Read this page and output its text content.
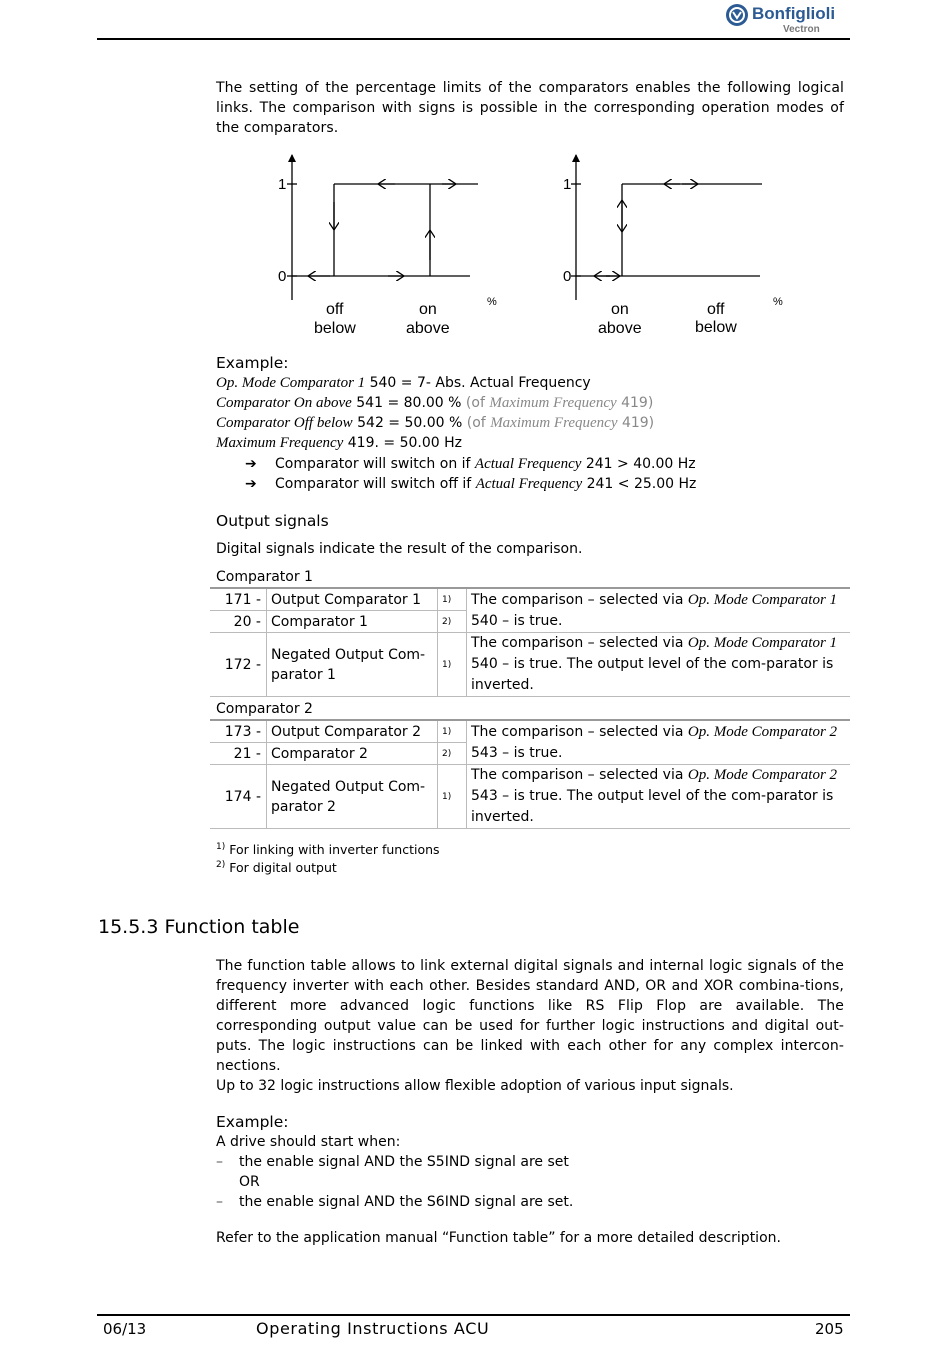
Bonfiglioli
Vectron
The setting of the percentage limits of the comparators enables the following logical links. The comparison with signs is possible in the corresponding operation modes of the comparators.
1
0
off
below
on
above
%
1
0
on
above
off
below
%
Example:
Op. Mode Comparator 1 540 = 7- Abs. Actual Frequency
Comparator On above 541 = 80.00 % (of Maximum Frequency 419)
Comparator Off below 542 = 50.00 % (of Maximum Frequency 419)
Maximum Frequency 419. = 50.00 Hz
➔ Comparator will switch on if Actual Frequency 241 > 40.00 Hz
➔ Comparator will switch off if Actual Frequency 241 < 25.00 Hz
Output signals
Digital signals indicate the result of the comparison.
Comparator 1
171 -	Output Comparator 1	1)	The comparison – selected via Op. Mode Comparator 1 540 – is true.
20 -	Comparator 1	2)	
172 -	Negated Output Com-parator 1	1)	The comparison – selected via Op. Mode Comparator 1 540 – is true. The output level of the com-parator is inverted.
Comparator 2
173 -	Output Comparator 2	1)	The comparison – selected via Op. Mode Comparator 2 543 – is true.
21 -	Comparator 2	2)	
174 -	Negated Output Com-parator 2	1)	The comparison – selected via Op. Mode Comparator 2 543 – is true. The output level of the com-parator is inverted.
$^{1)}$ For linking with inverter functions
$^{2)}$ For digital output
15.5.3 Function table
The function table allows to link external digital signals and internal logic signals of the frequency inverter with each other. Besides standard AND, OR and XOR combina-tions, different more advanced logic functions like RS Flip Flop are available. The corresponding output value can be used for further logic instructions and digital out-puts. The logic instructions can be linked with each other for any complex intercon-nections.
Up to 32 logic instructions allow flexible adoption of various input signals.
Example:
A drive should start when:
– the enable signal AND the S5IND signal are set
OR
– the enable signal AND the S6IND signal are set.
Refer to the application manual “Function table” for a more detailed description.
06/13	Operating Instructions ACU	205
